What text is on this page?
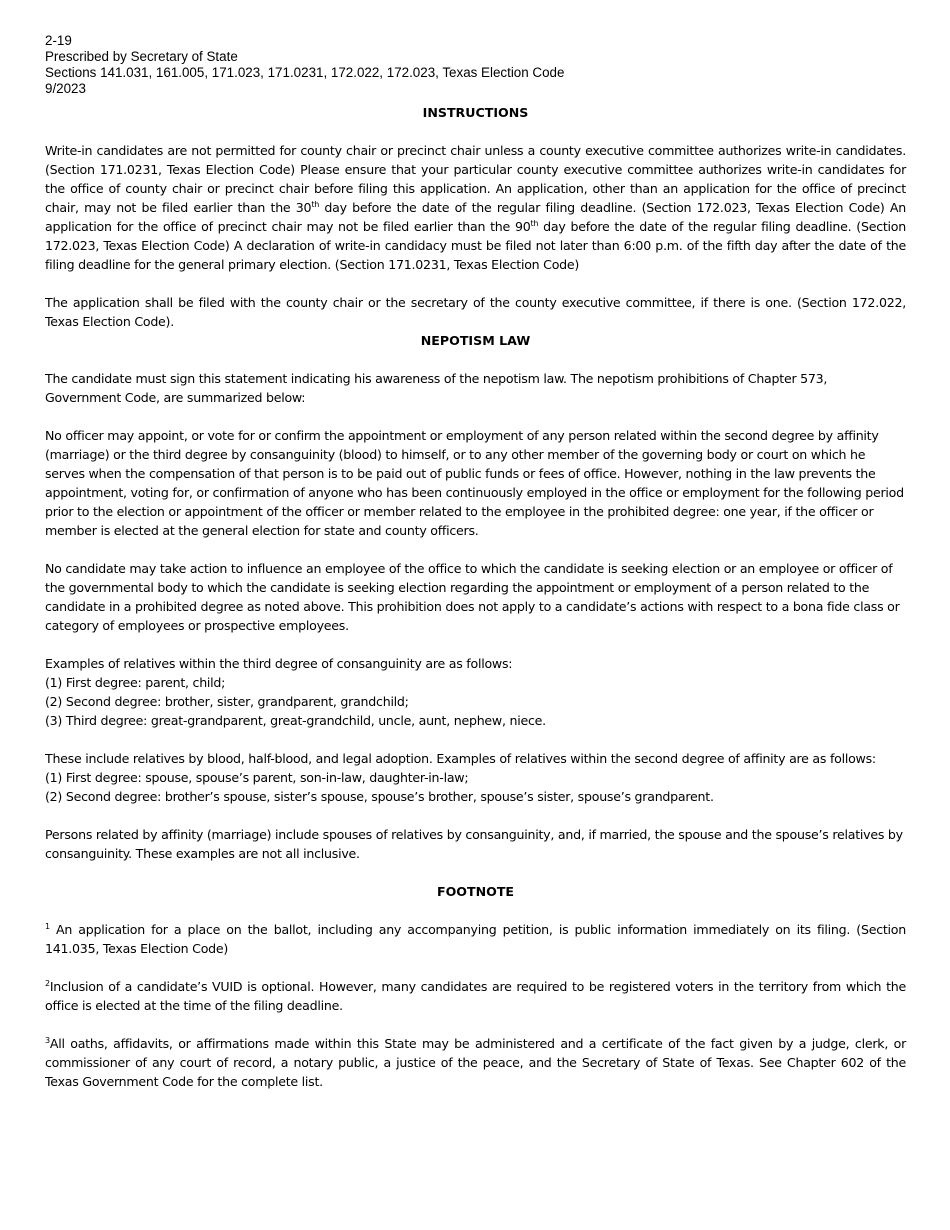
2-19
Prescribed by Secretary of State
Sections 141.031, 161.005, 171.023, 171.0231, 172.022, 172.023, Texas Election Code
9/2023
INSTRUCTIONS

Write-in candidates are not permitted for county chair or precinct chair unless a county executive committee authorizes write-in candidates. (Section 171.0231, Texas Election Code) Please ensure that your particular county executive committee authorizes write-in candidates for the office of county chair or precinct chair before filing this application. An application, other than an application for the office of precinct chair, may not be filed earlier than the 30th day before the date of the regular filing deadline. (Section 172.023, Texas Election Code) An application for the office of precinct chair may not be filed earlier than the 90th day before the date of the regular filing deadline. (Section 172.023, Texas Election Code) A declaration of write-in candidacy must be filed not later than 6:00 p.m. of the fifth day after the date of the filing deadline for the general primary election. (Section 171.0231, Texas Election Code)

The application shall be filed with the county chair or the secretary of the county executive committee, if there is one. (Section 172.022, Texas Election Code).

NEPOTISM LAW

The candidate must sign this statement indicating his awareness of the nepotism law. The nepotism prohibitions of Chapter 573, Government Code, are summarized below:

No officer may appoint, or vote for or confirm the appointment or employment of any person related within the second degree by affinity (marriage) or the third degree by consanguinity (blood) to himself, or to any other member of the governing body or court on which he serves when the compensation of that person is to be paid out of public funds or fees of office. However, nothing in the law prevents the appointment, voting for, or confirmation of anyone who has been continuously employed in the office or employment for the following period prior to the election or appointment of the officer or member related to the employee in the prohibited degree: one year, if the officer or member is elected at the general election for state and county officers.

No candidate may take action to influence an employee of the office to which the candidate is seeking election or an employee or officer of the governmental body to which the candidate is seeking election regarding the appointment or employment of a person related to the candidate in a prohibited degree as noted above. This prohibition does not apply to a candidate’s actions with respect to a bona fide class or category of employees or prospective employees.

Examples of relatives within the third degree of consanguinity are as follows:
(1) First degree: parent, child;
(2) Second degree: brother, sister, grandparent, grandchild;
(3) Third degree: great-grandparent, great-grandchild, uncle, aunt, nephew, niece.
These include relatives by blood, half-blood, and legal adoption. Examples of relatives within the second degree of affinity are as follows:
(1) First degree: spouse, spouse’s parent, son-in-law, daughter-in-law;
(2) Second degree: brother’s spouse, sister’s spouse, spouse’s brother, spouse’s sister, spouse’s grandparent.

Persons related by affinity (marriage) include spouses of relatives by consanguinity, and, if married, the spouse and the spouse’s relatives by consanguinity. These examples are not all inclusive.

FOOTNOTE

$^1$ An application for a place on the ballot, including any accompanying petition, is public information immediately on its filing. (Section 141.035, Texas Election Code)

$^2$Inclusion of a candidate’s VUID is optional. However, many candidates are required to be registered voters in the territory from which the office is elected at the time of the filing deadline.

$^3$All oaths, affidavits, or affirmations made within this State may be administered and a certificate of the fact given by a judge, clerk, or commissioner of any court of record, a notary public, a justice of the peace, and the Secretary of State of Texas. See Chapter 602 of the Texas Government Code for the complete list.
